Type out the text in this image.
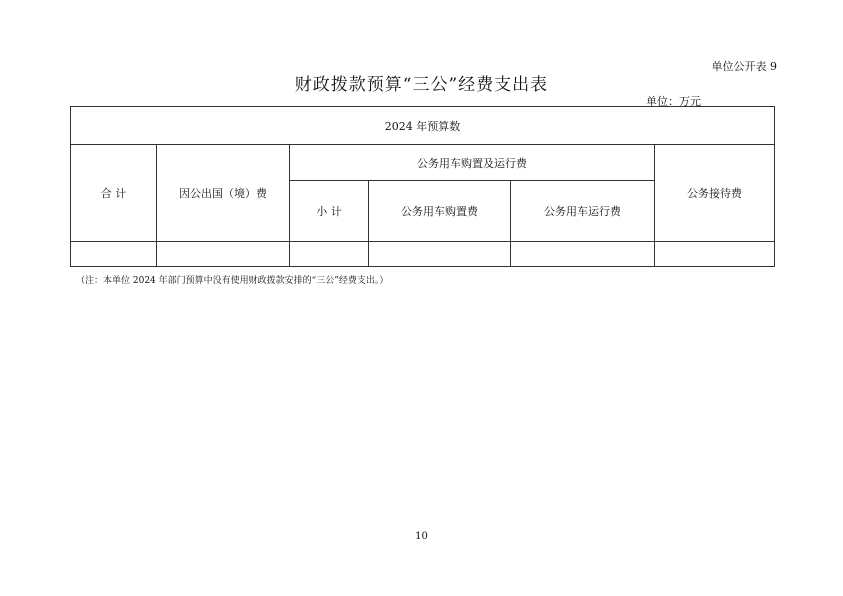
单位公开表 9
财政拨款预算“三公”经费支出表
单位：万元
2024 年预算数					
合 计	因公出国（境）费	公务用车购置及运行费			公务接待费
		小 计	公务用车购置费	公务用车运行费	

（注：本单位 2024 年部门预算中没有使用财政拨款安排的“三公”经费支出。）
10
